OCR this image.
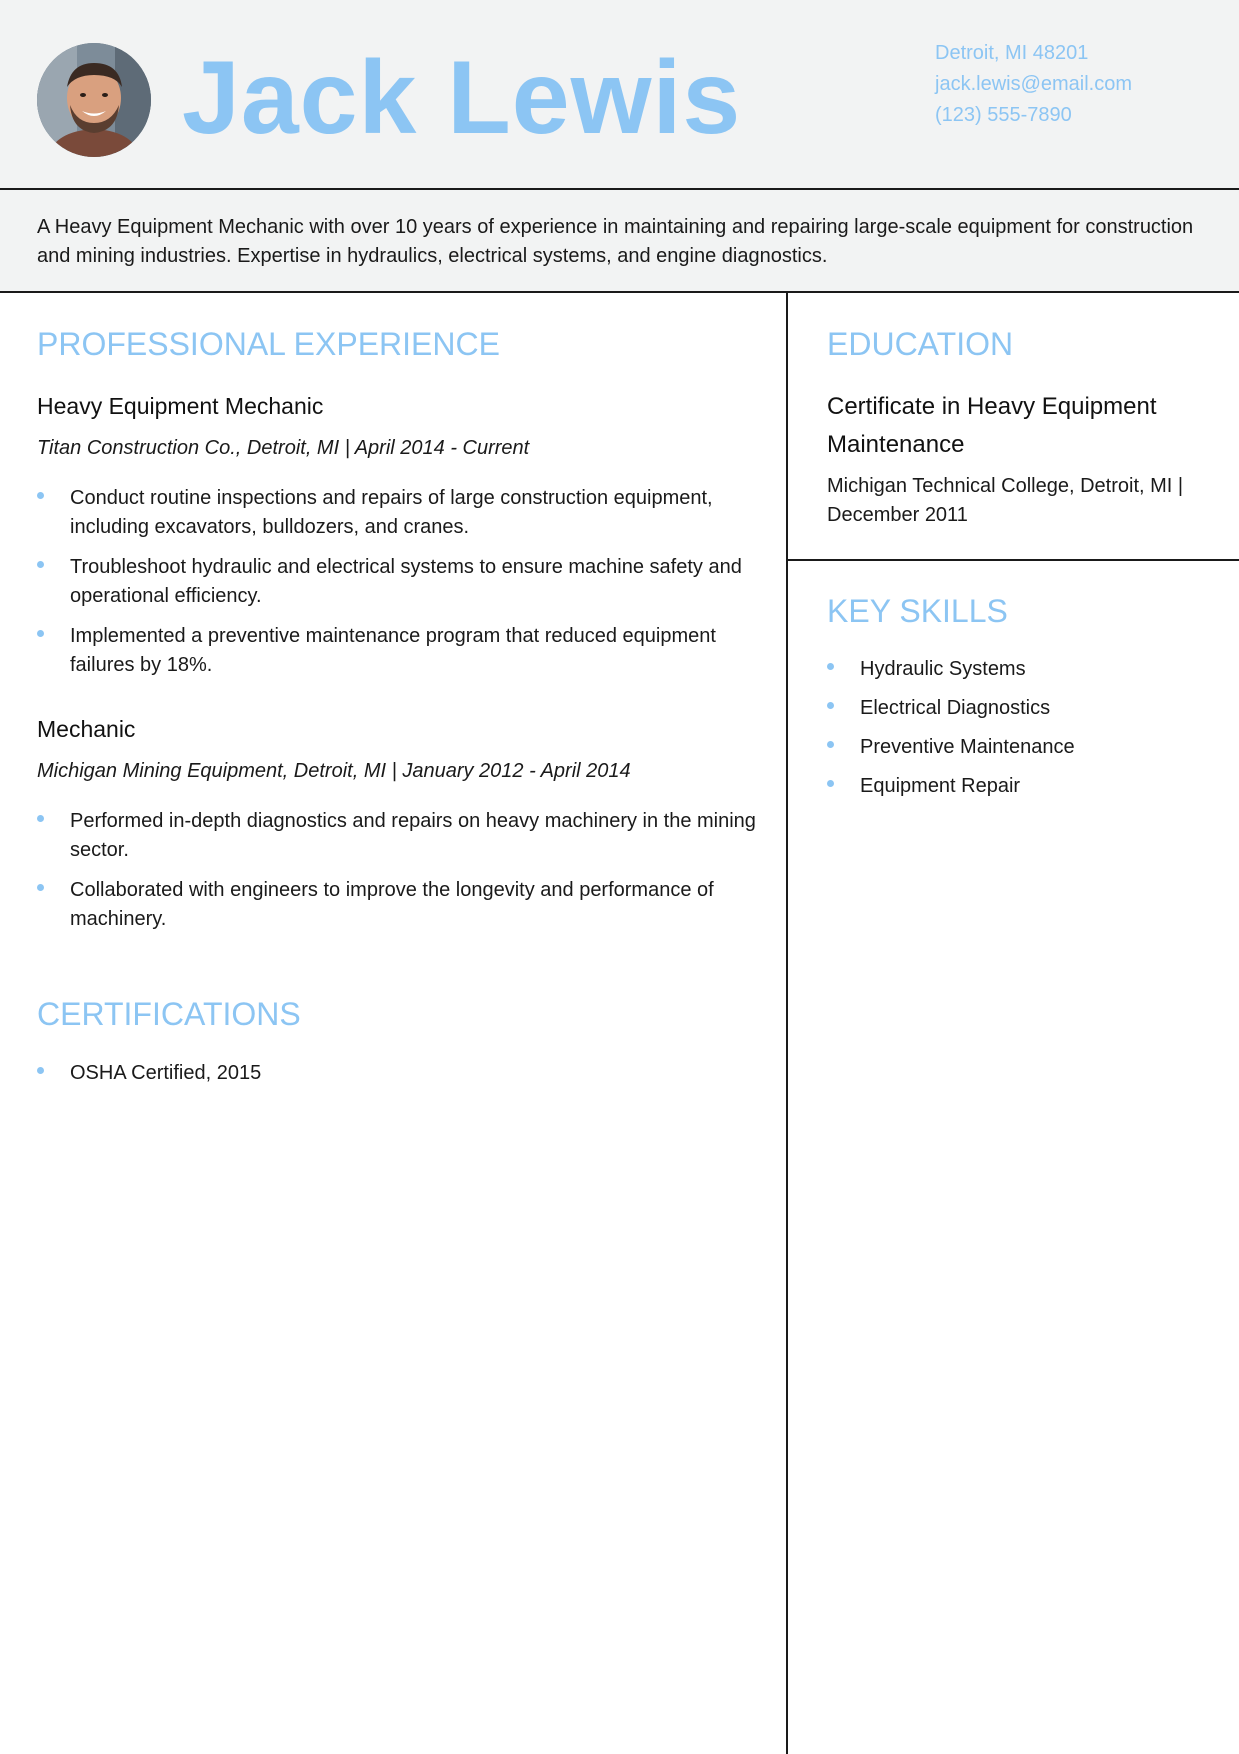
Jack Lewis	Detroit, MI 48201
jack.lewis@email.com
(123) 555-7890
A Heavy Equipment Mechanic with over 10 years of experience in maintaining and repairing large-scale equipment for construction and mining industries. Expertise in hydraulics, electrical systems, and engine diagnostics.
PROFESSIONAL EXPERIENCE
Heavy Equipment Mechanic
Titan Construction Co., Detroit, MI | April 2014 - Current
Conduct routine inspections and repairs of large construction equipment, including excavators, bulldozers, and cranes.
Troubleshoot hydraulic and electrical systems to ensure machine safety and operational efficiency.
Implemented a preventive maintenance program that reduced equipment failures by 18%.
Mechanic
Michigan Mining Equipment, Detroit, MI | January 2012 - April 2014
Performed in-depth diagnostics and repairs on heavy machinery in the mining sector.
Collaborated with engineers to improve the longevity and performance of machinery.
CERTIFICATIONS
OSHA Certified, 2015
EDUCATION
Certificate in Heavy Equipment Maintenance
Michigan Technical College, Detroit, MI | December 2011
KEY SKILLS
Hydraulic Systems
Electrical Diagnostics
Preventive Maintenance
Equipment Repair
